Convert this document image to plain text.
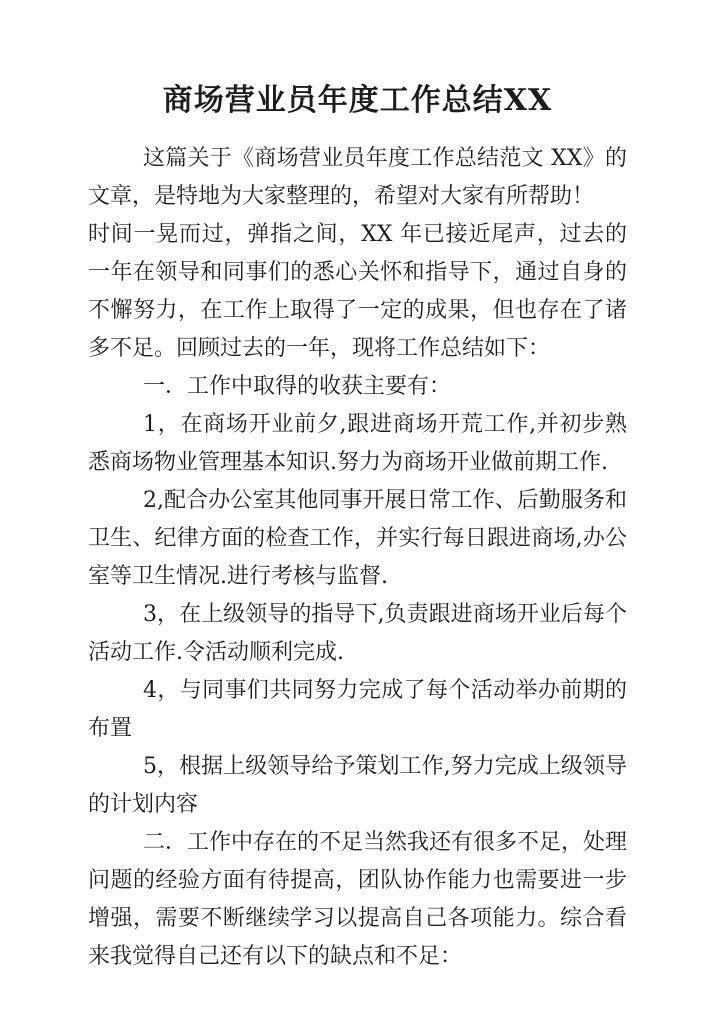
商场营业员年度工作总结XX

这篇关于《商场营业员年度工作总结范文 XX》的文章，是特地为大家整理的，希望对大家有所帮助！

时间一晃而过，弹指之间，XX 年已接近尾声，过去的一年在领导和同事们的悉心关怀和指导下，通过自身的不懈努力，在工作上取得了一定的成果，但也存在了诸多不足。回顾过去的一年，现将工作总结如下：

一．工作中取得的收获主要有：

1，在商场开业前夕,跟进商场开荒工作,并初步熟悉商场物业管理基本知识.努力为商场开业做前期工作.

2,配合办公室其他同事开展日常工作、后勤服务和卫生、纪律方面的检查工作，并实行每日跟进商场,办公室等卫生情况.进行考核与监督.

3，在上级领导的指导下,负责跟进商场开业后每个活动工作.令活动顺利完成.

4，与同事们共同努力完成了每个活动举办前期的布置

5，根据上级领导给予策划工作,努力完成上级领导的计划内容

二．工作中存在的不足当然我还有很多不足，处理问题的经验方面有待提高，团队协作能力也需要进一步增强，需要不断继续学习以提高自己各项能力。综合看来我觉得自己还有以下的缺点和不足：
